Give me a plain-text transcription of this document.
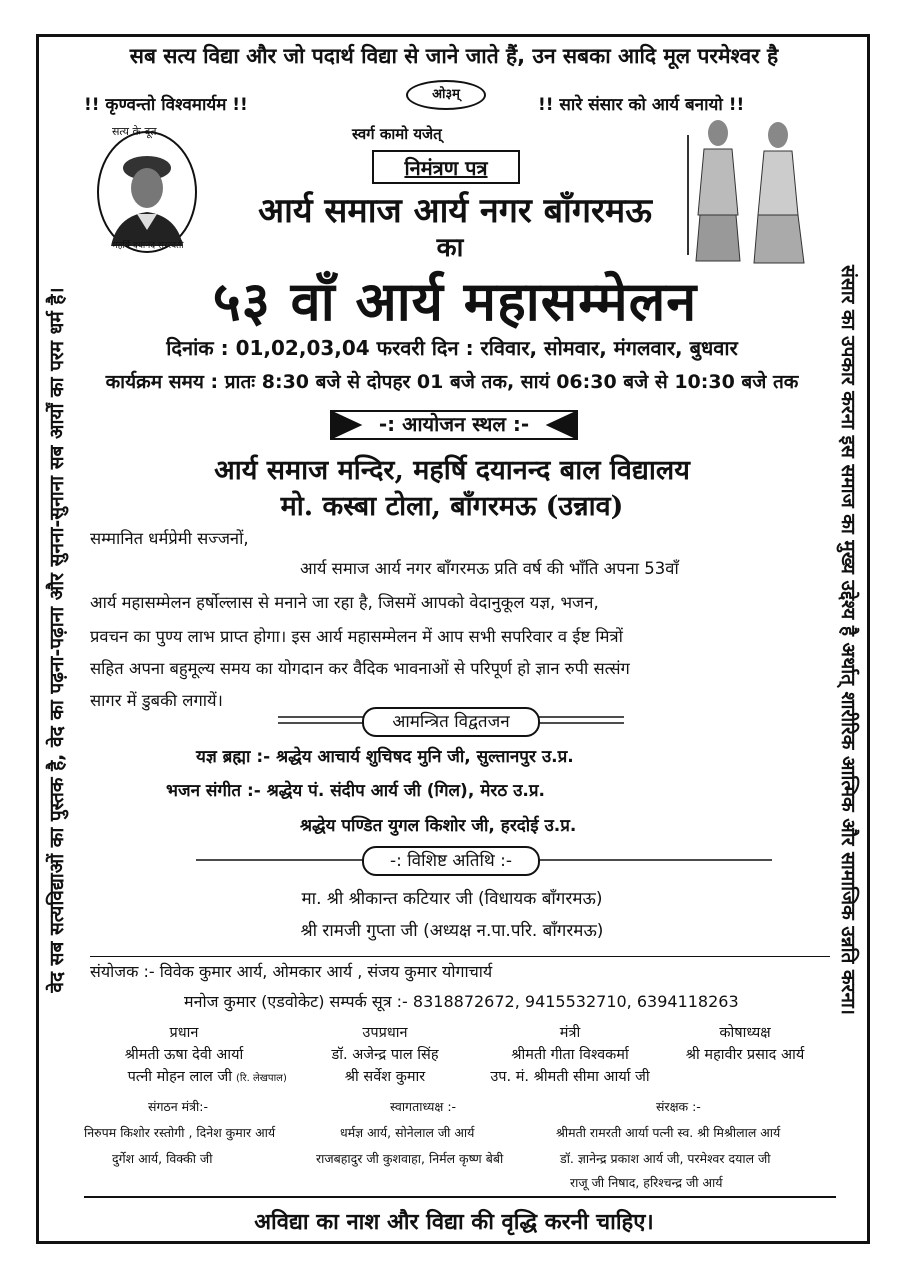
सब सत्य विद्या और जो पदार्थ विद्या से जाने जाते हैं, उन सबका आदि मूल परमेश्वर है
वेद सब सत्यविद्याओं का पुस्तक है, वेद का पढ़ना-पढ़ाना और सुनना-सुनाना सब आर्यों का परम धर्म है।	संसार का उपकार करना इस समाज का मुख्य उद्देश्य है अर्थात् शारीरिक आत्मिक और सामाजिक उन्नति करना।
!! कृण्वन्तो विश्वमार्यम !!	!! सारे संसार को आर्य बनायो !!
ओ३म्
सत्य के दूत
महर्षि दयानंद सरस्वती
स्वर्ग कामो यजेत्
निमंत्रण पत्र
आर्य समाज आर्य नगर बाँगरमऊ
का
५३ वाँ आर्य महासम्मेलन
दिनांक : 01,02,03,04 फरवरी दिन : रविवार, सोमवार, मंगलवार, बुधवार
कार्यक्रम समय : प्रातः 8:30 बजे से दोपहर 01 बजे तक, सायं 06:30 बजे से 10:30 बजे तक
-: आयोजन स्थल :-
आर्य समाज मन्दिर, महर्षि दयानन्द बाल विद्यालय
मो. कस्बा टोला, बाँगरमऊ (उन्नाव)
सम्मानित धर्मप्रेमी सज्जनों,
आर्य समाज आर्य नगर बाँगरमऊ प्रति वर्ष की भाँति अपना 53वाँ
आर्य महासम्मेलन हर्षोल्लास से मनाने जा रहा है, जिसमें आपको वेदानुकूल यज्ञ, भजन,
प्रवचन का पुण्य लाभ प्राप्त होगा। इस आर्य महासम्मेलन में आप सभी सपरिवार व ईष्ट मित्रों
सहित अपना बहुमूल्य समय का योगदान कर वैदिक भावनाओं से परिपूर्ण हो ज्ञान रुपी सत्संग
सागर में डुबकी लगायें।
आमन्त्रित विद्वतजन
यज्ञ ब्रह्मा :- श्रद्धेय आचार्य शुचिषद मुनि जी, सुल्तानपुर उ.प्र.
भजन संगीत :- श्रद्धेय पं. संदीप आर्य जी (गिल), मेरठ उ.प्र.
श्रद्धेय पण्डित युगल किशोर जी, हरदोई उ.प्र.
-: विशिष्ट अतिथि :-
मा. श्री श्रीकान्त कटियार जी (विधायक बाँगरमऊ)
श्री रामजी गुप्ता जी (अध्यक्ष न.पा.परि. बाँगरमऊ)
संयोजक :- विवेक कुमार आर्य, ओमकार आर्य , संजय कुमार योगाचार्य
मनोज कुमार (एडवोकेट) सम्पर्क सूत्र :- 8318872672, 9415532710, 6394118263
प्रधान
श्रीमती ऊषा देवी आर्या
पत्नी मोहन लाल जी (रि. लेखपाल)
उपप्रधान
डॉ. अजेन्द्र पाल सिंह
श्री सर्वेश कुमार
मंत्री
श्रीमती गीता विश्वकर्मा
उप. मं. श्रीमती सीमा आर्या जी
कोषाध्यक्ष
श्री महावीर प्रसाद आर्य
संगठन मंत्री:-
निरुपम किशोर रस्तोगी , दिनेश कुमार आर्य
दुर्गेश आर्य, विक्की जी
स्वागताध्यक्ष :-
धर्मज्ञ आर्य, सोनेलाल जी आर्य
राजबहादुर जी कुशवाहा, निर्मल कृष्ण बेबी
संरक्षक :-
श्रीमती रामरती आर्या पत्नी स्व. श्री मिश्रीलाल आर्य
डॉ. ज्ञानेन्द्र प्रकाश आर्य जी, परमेश्वर दयाल जी
राजू जी निषाद, हरिश्चन्द्र जी आर्य
अविद्या का नाश और विद्या की वृद्धि करनी चाहिए।
